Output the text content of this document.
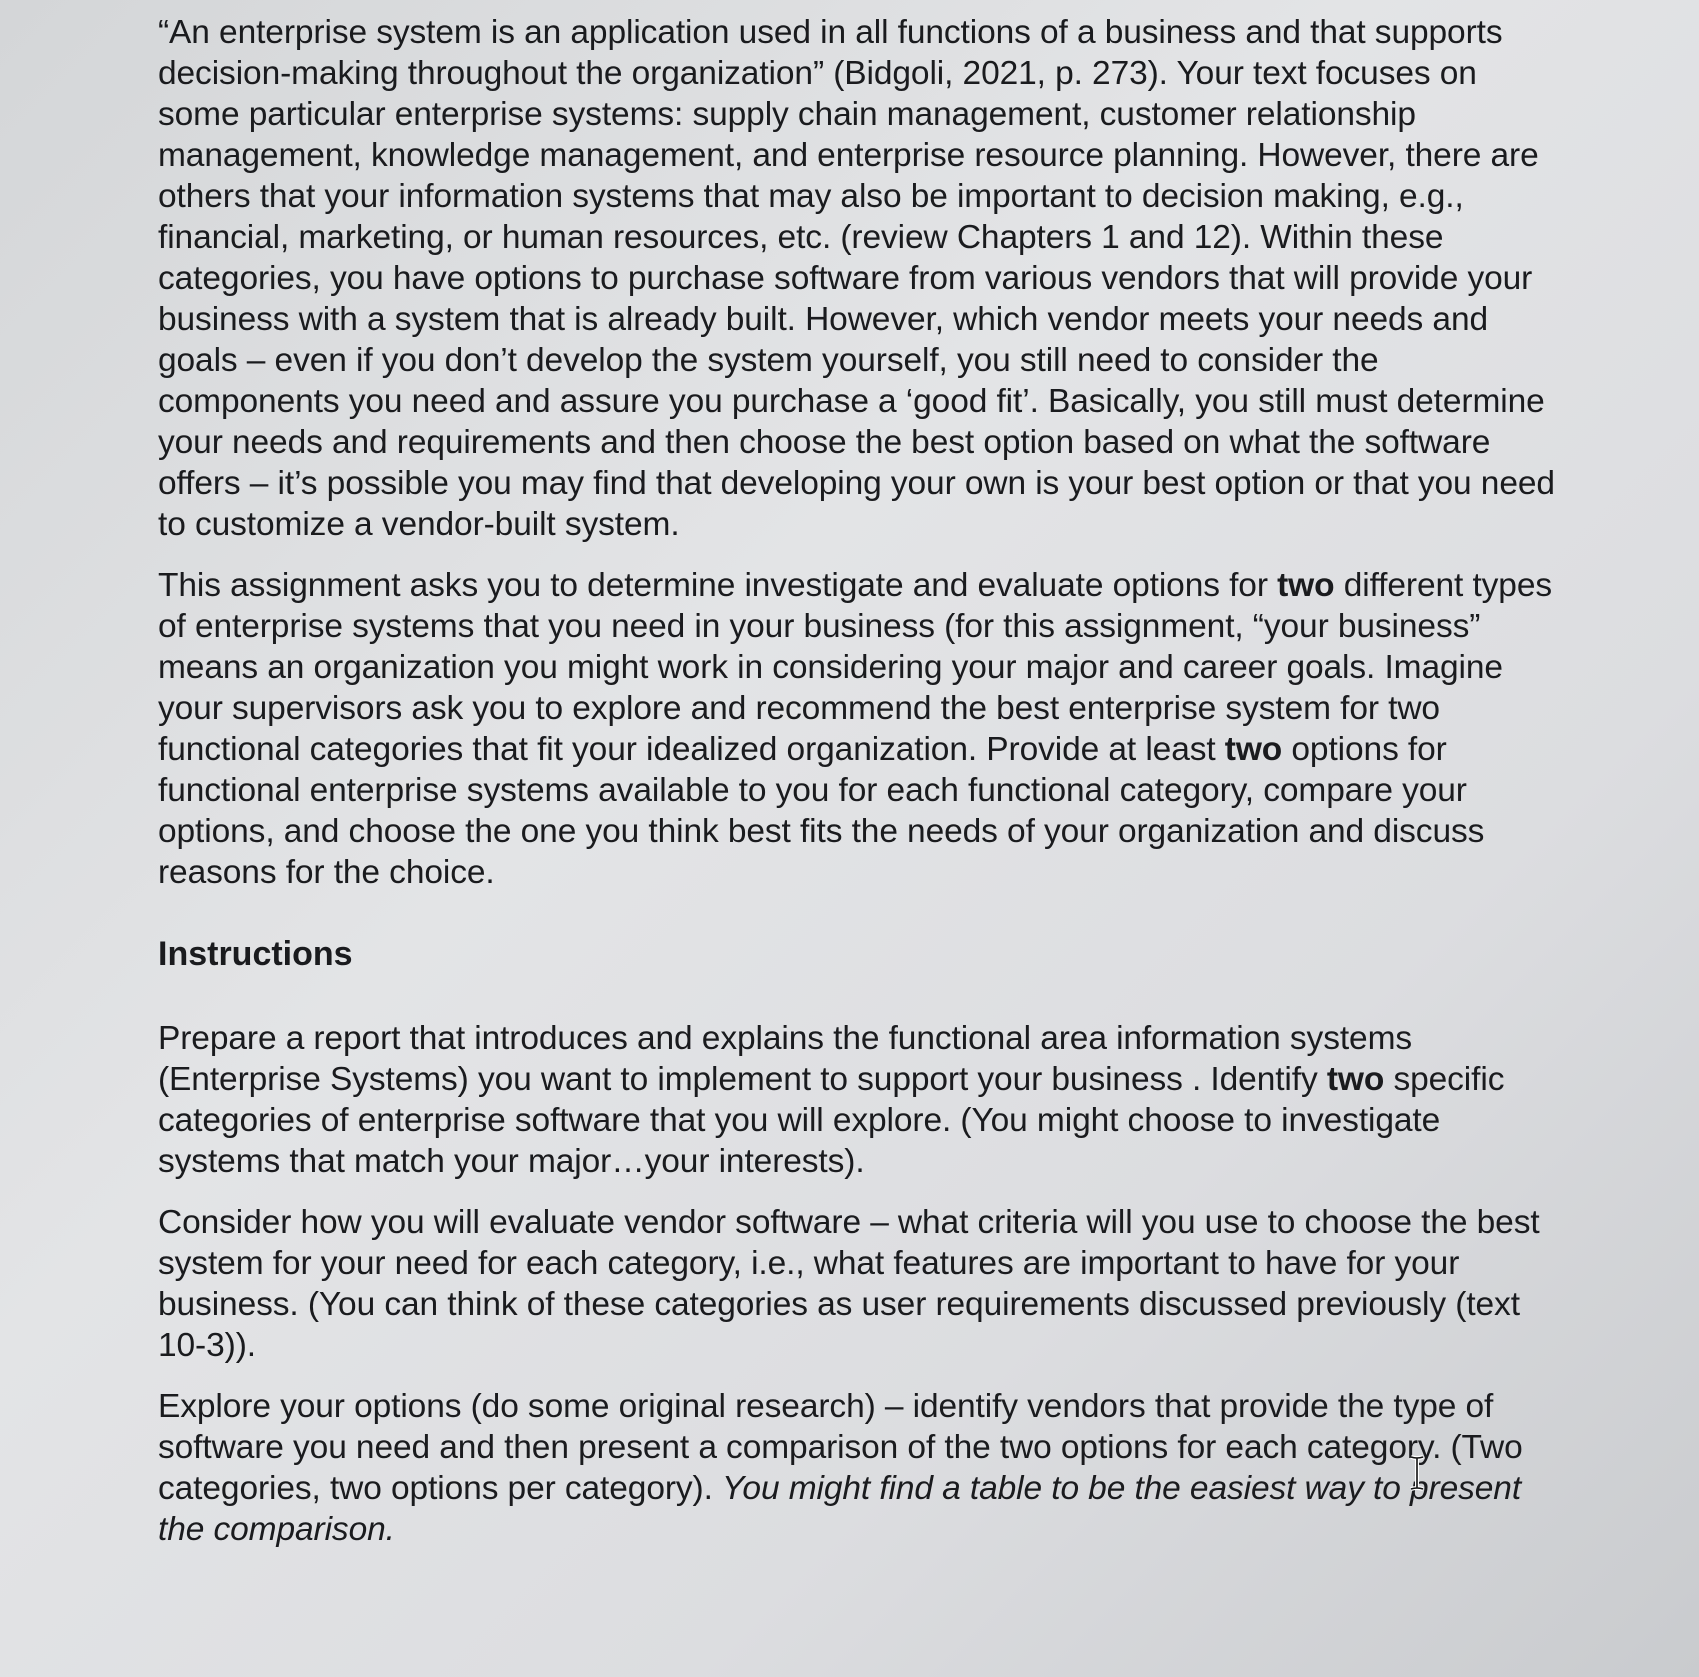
“An enterprise system is an application used in all functions of a business and that supports decision-making throughout the organization” (Bidgoli, 2021, p. 273). Your text focuses on some particular enterprise systems: supply chain management, customer relationship management, knowledge management, and enterprise resource planning. However, there are others that your information systems that may also be important to decision making, e.g., financial, marketing, or human resources, etc. (review Chapters 1 and 12). Within these categories, you have options to purchase software from various vendors that will provide your business with a system that is already built. However, which vendor meets your needs and goals – even if you don’t develop the system yourself, you still need to consider the components you need and assure you purchase a ‘good fit’. Basically, you still must determine your needs and requirements and then choose the best option based on what the software offers – it’s possible you may find that developing your own is your best option or that you need to customize a vendor-built system.

This assignment asks you to determine investigate and evaluate options for two different types of enterprise systems that you need in your business (for this assignment, “your business” means an organization you might work in considering your major and career goals. Imagine your supervisors ask you to explore and recommend the best enterprise system for two functional categories that fit your idealized organization. Provide at least two options for functional enterprise systems available to you for each functional category, compare your options, and choose the one you think best fits the needs of your organization and discuss reasons for the choice.

Instructions

Prepare a report that introduces and explains the functional area information systems (Enterprise Systems) you want to implement to support your business . Identify two specific categories of enterprise software that you will explore. (You might choose to investigate systems that match your major…your interests).

Consider how you will evaluate vendor software – what criteria will you use to choose the best system for your need for each category, i.e., what features are important to have for your business. (You can think of these categories as user requirements discussed previously (text 10-3)).

Explore your options (do some original research) – identify vendors that provide the type of software you need and then present a comparison of the two options for each category. (Two categories, two options per category). You might find a table to be the easiest way to present the comparison.
